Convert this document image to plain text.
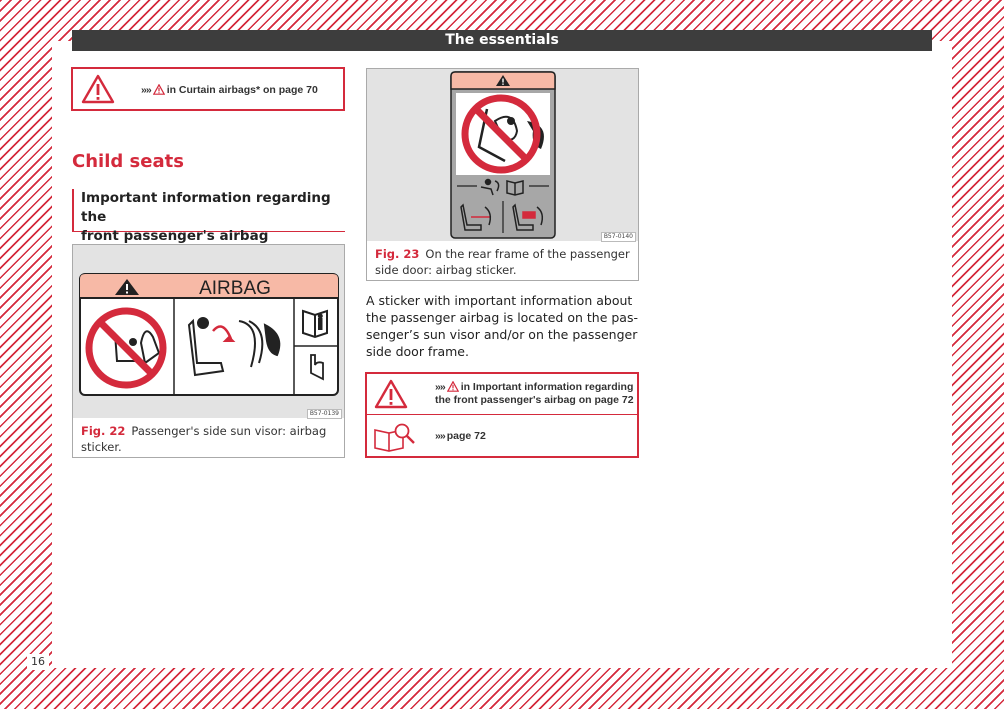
16
The essentials
»» in Curtain airbags* on page 70
Child seats
Important information regarding the
front passenger's airbag
AIRBAG
B57-0139
Fig. 22 Passenger's side sun visor: airbag
sticker.
B57-0140
Fig. 23 On the rear frame of the passenger
side door: airbag sticker.
A sticker with important information about
the passenger airbag is located on the pas-
senger’s sun visor and/or on the passenger
side door frame.
»» in Important information regarding
the front passenger's airbag on page 72
»» page 72
